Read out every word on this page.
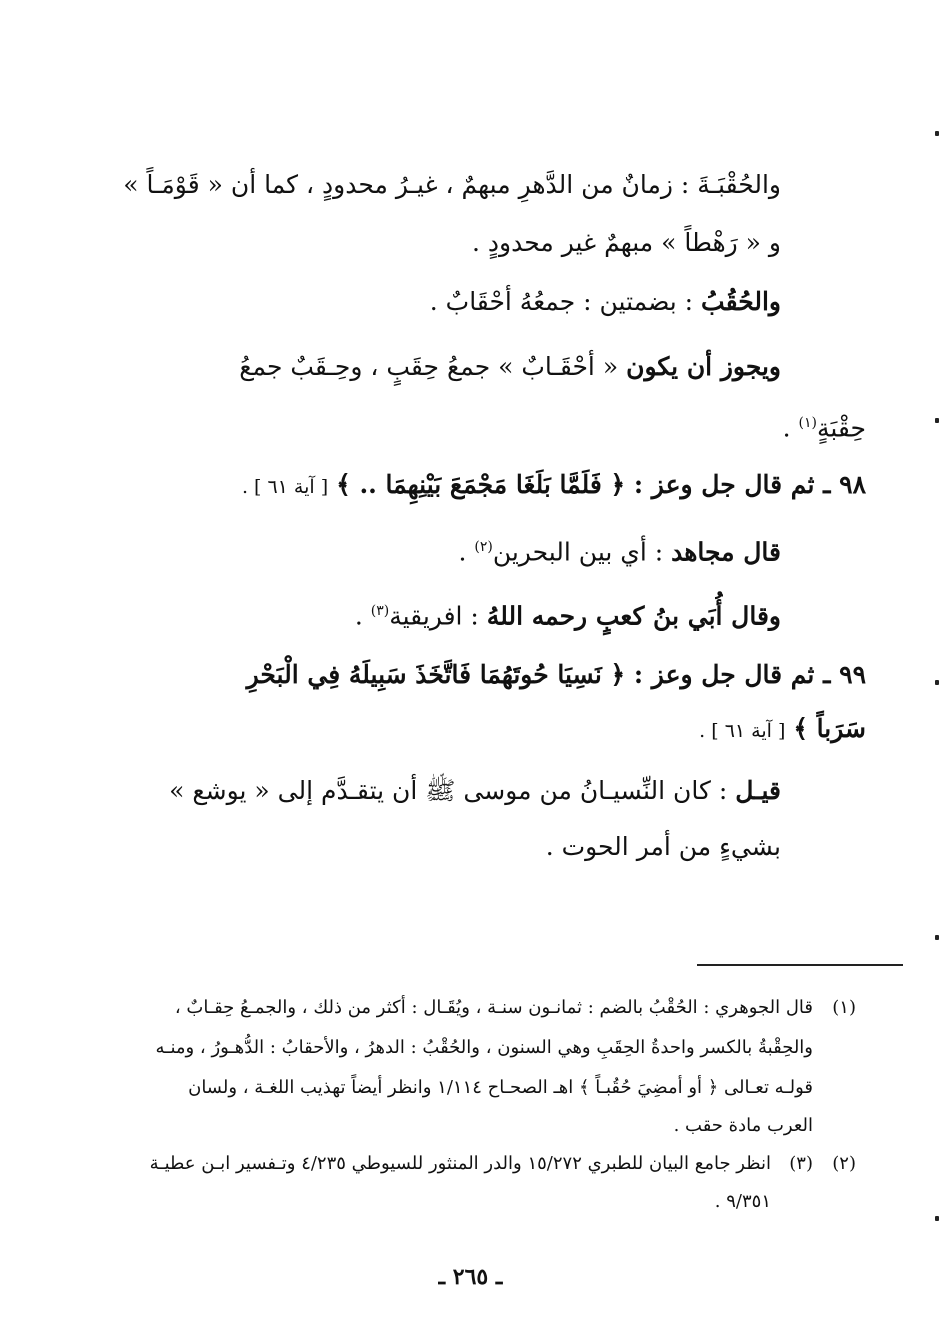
والحُقْبَـةَ : زمانٌ من الدَّهرِ مبهمٌ ، غيـرُ محدودٍ ، كما أن « قَوْمَـاً »
و « رَهْطاً » مبهمٌ غير محدودٍ .
والحُقُبُ : بضمتين : جمعُهُ أحْقَابٌ .
ويجوز أن يكون « أحْقَـابٌ » جمعُ حِقَبٍ ، وحِـقَبٌ جمعُ
حِقْبَةٍ$^{(١)}$ .
٩٨ ـ ثم قال جل وعز : ﴿ فَلَمَّا بَلَغَا مَجْمَعَ بَيْنِهِمَا .. ﴾ [ آية ٦١ ] .
قال مجاهد : أي بين البحرين$^{(٢)}$ .
وقال أُبَي بنُ كعبٍ رحمه اللهُ : افريقية$^{(٣)}$ .
٩٩ ـ ثم قال جل وعز : ﴿ نَسِيَا حُوتَهُمَا فَاتَّخَذَ سَبِيلَهُ فِي الْبَحْرِ
سَرَباً ﴾ [ آية ٦١ ] .
قيـل : كان النِّسيـانُ من موسى ﷺ أن يتقـدَّم إلى « يوشع »
بشيءٍ من أمر الحوت .
(١)
قال الجوهري : الحُقْبُ بالضم : ثمانـون سنـة ، ويُقَـال : أكثر من ذلك ، والجمـعُ حِقـابٌ ،
والحِقْبةُ بالكسر واحدةُ الحِقَبِ وهي السنون ، والحُقْبُ : الدهرُ ، والأحقابُ : الدُّهـورُ ، ومنـه
قولـه تعـالى ﴿ أو أمضِيَ حُقُبـاً ﴾ اهـ الصحـاح ١/١١٤ وانظر أيضاً تهذيب اللغـة ، ولسان
العرب مادة حقب .
(٢)
(٣)
انظر جامع البيان للطبري ١٥/٢٧٢ والدر المنثور للسيوطي ٤/٢٣٥ وتـفسير ابـن عطيـة
٩/٣٥١ .
ـ ٢٦٥ ـ
